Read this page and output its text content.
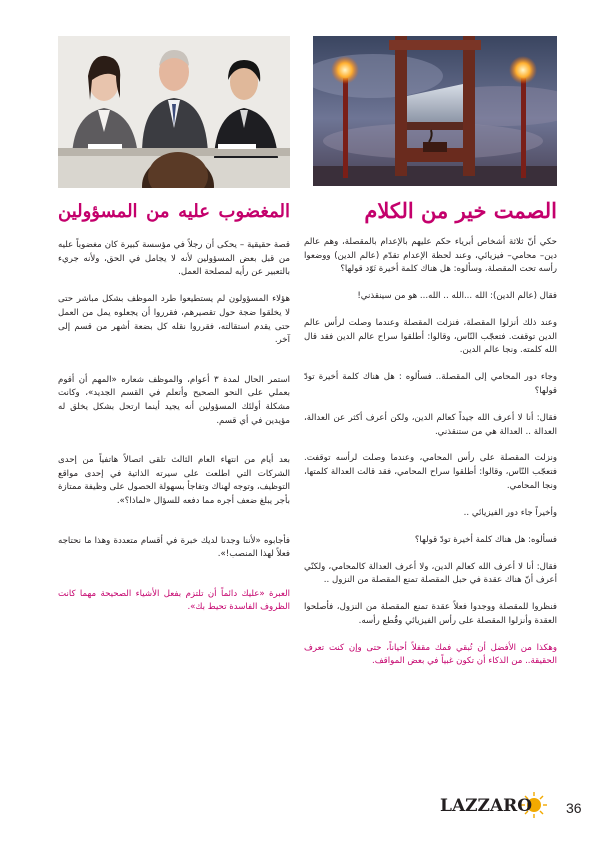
الصمت خير من الكلام

حكي أنّ ثلاثة أشخاص أبرياء حكم عليهم بالإعدام بالمقصلة، وهم عالم دين– محامي– فيزيائي، وعند لحظة الإعدام تقدّم (عالم الدين) ووضعوا رأسه تحت المقصلة، وسألوه: هل هناك كلمة أخيرة تَوّد قولها؟

فقال (عالم الدين): الله ...الله .. الله... هو من سينقذني!

وعند ذلك أنزلوا المقصلة، فنزلت المقصلة وعندما وصلت لرأس عالم الدين توقفت. فتعجّب النّاس، وقالوا: أطلقوا سراح عالم الدين فقد قال الله كلمته. ونجا عالم الدين.

وجاء دور المحامي إلى المقصلة.. فسألوه : هل هناك كلمة أخيرة تودّ قولها؟

فقال: أنا لا أعرف الله جيداً كعالم الدين، ولكن أعرف أكثر عن العدالة، العدالة .. العدالة هي من ستنقذني.

ونزلت المقصلة على رأس المحامي، وعندما وصلت لرأسه توقفت. فتعجّب النّاس، وقالوا: أطلقوا سراح المحامي، فقد قالت العدالة كلمتها، ونجا المحامي.

وأخيراً جاء دور الفيزيائي ..

فسألوه: هل هناك كلمة أخيرة تودّ قولها؟

فقال: أنا لا أعرف الله كعالم الدين، ولا أعرف العدالة كالمحامي، ولكنّي أعرف أنّ هناك عقدة في حبل المقصلة تمنع المقصلة من النزول ..

فنظروا للمقصلة ووجدوا فعلاً عقدة تمنع المقصلة من النزول، فأصلحوا العقدة وأنزلوا المقصلة على رأس الفيزيائي وقُطع رأسه.

وهكذا من الأفضل أن تُبقي فمك مقفلاً أحياناً، حتى وإن كنت تعرف الحقيقة.. من الذكاء أن تكون غبياً في بعض المواقف.

المغضوب عليه من المسؤولين

قصة حقيقية – يحكى أن رجلاً في مؤسسة كبيرة كان مغضوباً عليه من قبل بعض المسؤولين لأنه لا يجامل في الحق، ولأنه جريء بالتعبير عن رأيه لمصلحة العمل.

هؤلاء المسؤولون لم يستطيعوا طرد الموظف بشكل مباشر حتى لا يخلقوا ضجة حول تقصيرهم، فقرروا أن يجعلوه يمل من العمل حتى يقدم استقالته، فقرروا نقله كل بضعة أشهر من قسم إلى آخر.

استمر الحال لمدة ٣ أعوام، والموظف شعاره «المهم أن أقوم بعملي على النحو الصحيح وأتعلم في القسم الجديد»، وكانت مشكلة أولئك المسؤولين أنه يجيد أينما ارتحل بشكل يخلق له مؤيدين في أي قسم.

بعد أيام من انتهاء العام الثالث تلقى اتصالاً هاتفياً من إحدى الشركات التي اطلعت على سيرته الذاتية في إحدى مواقع التوظيف، وتوجه لهناك وتفاجأ بسهولة الحصول على وظيفة ممتازة بأجر يبلغ ضعف أجره مما دفعه للسؤال «لماذا؟».

فأجابوه «لأننا وجدنا لديك خبرة في أقسام متعددة وهذا ما نحتاجه فعلاً لهذا المنصب!».

العبرة «عليك دائماً أن تلتزم بفعل الأشياء الصحيحة مهما كانت الظروف الفاسدة تحيط بك».

LAZZARO 36
